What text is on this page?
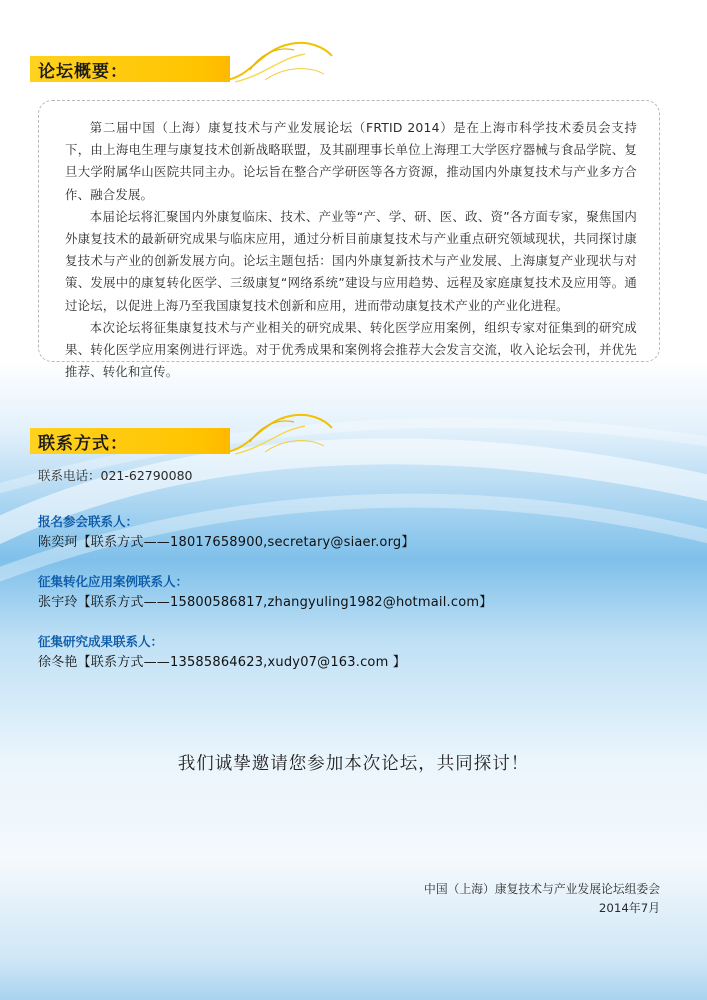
论坛概要：

第二届中国（上海）康复技术与产业发展论坛（FRTID 2014）是在上海市科学技术委员会支持下，由上海电生理与康复技术创新战略联盟，及其副理事长单位上海理工大学医疗器械与食品学院、复旦大学附属华山医院共同主办。论坛旨在整合产学研医等各方资源，推动国内外康复技术与产业多方合作、融合发展。

本届论坛将汇聚国内外康复临床、技术、产业等“产、学、研、医、政、资”各方面专家，聚焦国内外康复技术的最新研究成果与临床应用，通过分析目前康复技术与产业重点研究领域现状，共同探讨康复技术与产业的创新发展方向。论坛主题包括：国内外康复新技术与产业发展、上海康复产业现状与对策、发展中的康复转化医学、三级康复“网络系统”建设与应用趋势、远程及家庭康复技术及应用等。通过论坛，以促进上海乃至我国康复技术创新和应用，进而带动康复技术产业的产业化进程。

本次论坛将征集康复技术与产业相关的研究成果、转化医学应用案例，组织专家对征集到的研究成果、转化医学应用案例进行评选。对于优秀成果和案例将会推荐大会发言交流，收入论坛会刊，并优先推荐、转化和宣传。

联系方式：
联系电话：021-62790080
报名参会联系人：
陈奕珂【联系方式——18017658900,secretary@siaer.org】
征集转化应用案例联系人：
张宇玲【联系方式——15800586817,zhangyuling1982@hotmail.com】
征集研究成果联系人：
徐冬艳【联系方式——13585864623,xudy07@163.com 】
我们诚挚邀请您参加本次论坛，共同探讨！
中国（上海）康复技术与产业发展论坛组委会
2014年7月
